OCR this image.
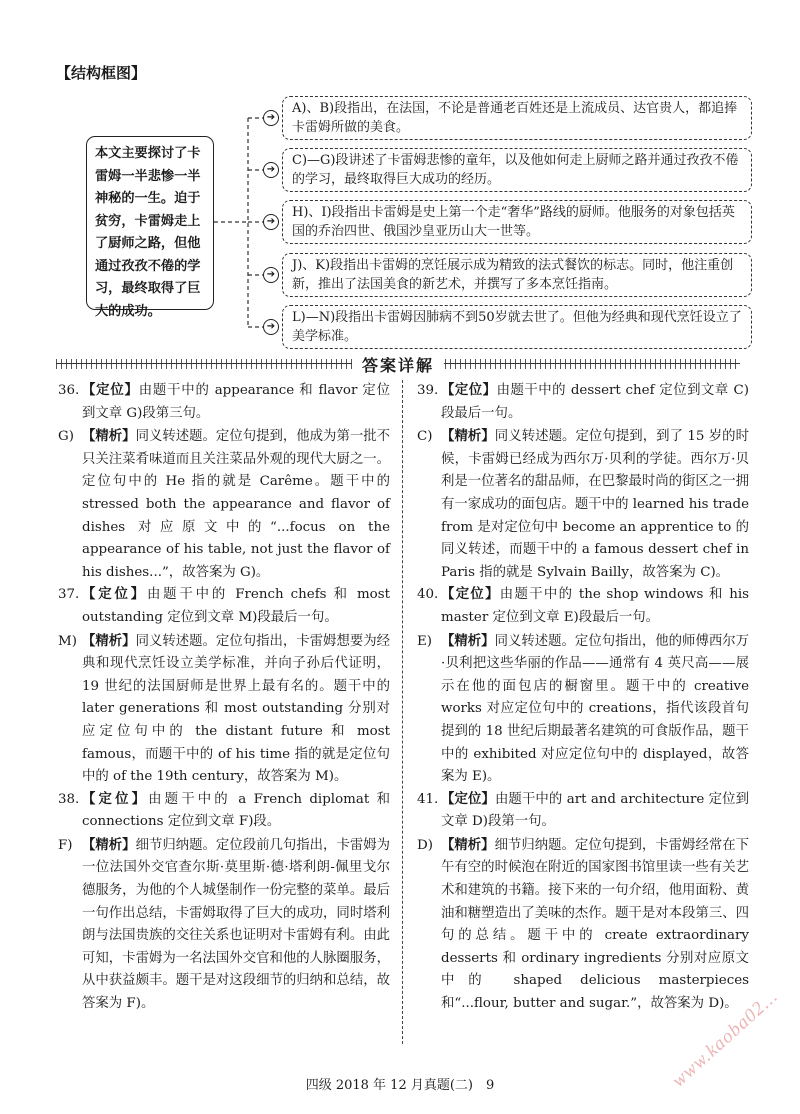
【结构框图】
本文主要探讨了卡雷姆一半悲惨一半神秘的一生。迫于贫穷，卡雷姆走上了厨师之路，但他通过孜孜不倦的学习，最终取得了巨大的成功。
➔
➔
➔
➔
➔
A)、B)段指出，在法国，不论是普通老百姓还是上流成员、达官贵人，都追捧卡雷姆所做的美食。
C)—G)段讲述了卡雷姆悲惨的童年，以及他如何走上厨师之路并通过孜孜不倦的学习，最终取得巨大成功的经历。
H)、I)段指出卡雷姆是史上第一个走“奢华”路线的厨师。他服务的对象包括英国的乔治四世、俄国沙皇亚历山大一世等。
J)、K)段指出卡雷姆的烹饪展示成为精致的法式餐饮的标志。同时，他注重创新，推出了法国美食的新艺术，并撰写了多本烹饪指南。
L)—N)段指出卡雷姆因肺病不到50岁就去世了。但他为经典和现代烹饪设立了美学标准。
答案详解
36. 【定位】由题干中的 appearance 和 flavor 定位到文章 G)段第三句。
G) 【精析】同义转述题。定位句提到，他成为第一批不只关注菜肴味道而且关注菜品外观的现代大厨之一。定位句中的 He 指的就是 Carême。题干中的 stressed both the appearance and flavor of dishes 对应原文中的“...focus on the appearance of his table, not just the flavor of his dishes...”，故答案为 G)。
37. 【定位】由题干中的 French chefs 和 most outstanding 定位到文章 M)段最后一句。
M) 【精析】同义转述题。定位句指出，卡雷姆想要为经典和现代烹饪设立美学标准，并向子孙后代证明，19 世纪的法国厨师是世界上最有名的。题干中的 later generations 和 most outstanding 分别对应定位句中的 the distant future 和 most famous，而题干中的 of his time 指的就是定位句中的 of the 19th century，故答案为 M)。
38. 【定位】由题干中的 a French diplomat 和 connections 定位到文章 F)段。
F) 【精析】细节归纳题。定位段前几句指出，卡雷姆为一位法国外交官查尔斯·莫里斯·德·塔利朗-佩里戈尔德服务，为他的个人城堡制作一份完整的菜单。最后一句作出总结，卡雷姆取得了巨大的成功，同时塔利朗与法国贵族的交往关系也证明对卡雷姆有利。由此可知，卡雷姆为一名法国外交官和他的人脉圈服务，从中获益颇丰。题干是对这段细节的归纳和总结，故答案为 F)。
39. 【定位】由题干中的 dessert chef 定位到文章 C)段最后一句。
C) 【精析】同义转述题。定位句提到，到了 15 岁的时候，卡雷姆已经成为西尔万·贝利的学徒。西尔万·贝利是一位著名的甜品师，在巴黎最时尚的街区之一拥有一家成功的面包店。题干中的 learned his trade from 是对定位句中 become an apprentice to 的同义转述，而题干中的 a famous dessert chef in Paris 指的就是 Sylvain Bailly，故答案为 C)。
40. 【定位】由题干中的 the shop windows 和 his master 定位到文章 E)段最后一句。
E) 【精析】同义转述题。定位句指出，他的师傅西尔万·贝利把这些华丽的作品——通常有 4 英尺高——展示在他的面包店的橱窗里。题干中的 creative works 对应定位句中的 creations，指代该段首句提到的 18 世纪后期最著名建筑的可食版作品，题干中的 exhibited 对应定位句中的 displayed，故答案为 E)。
41. 【定位】由题干中的 art and architecture 定位到文章 D)段第一句。
D) 【精析】细节归纳题。定位句提到，卡雷姆经常在下午有空的时候泡在附近的国家图书馆里读一些有关艺术和建筑的书籍。接下来的一句介绍，他用面粉、黄油和糖塑造出了美味的杰作。题干是对本段第三、四句的总结。题干中的 create extraordinary desserts 和 ordinary ingredients 分别对应原文中的 shaped delicious masterpieces 和“...flour, butter and sugar.”，故答案为 D)。
www.kaoba02...
四级 2018 年 12 月真题(二)　9
